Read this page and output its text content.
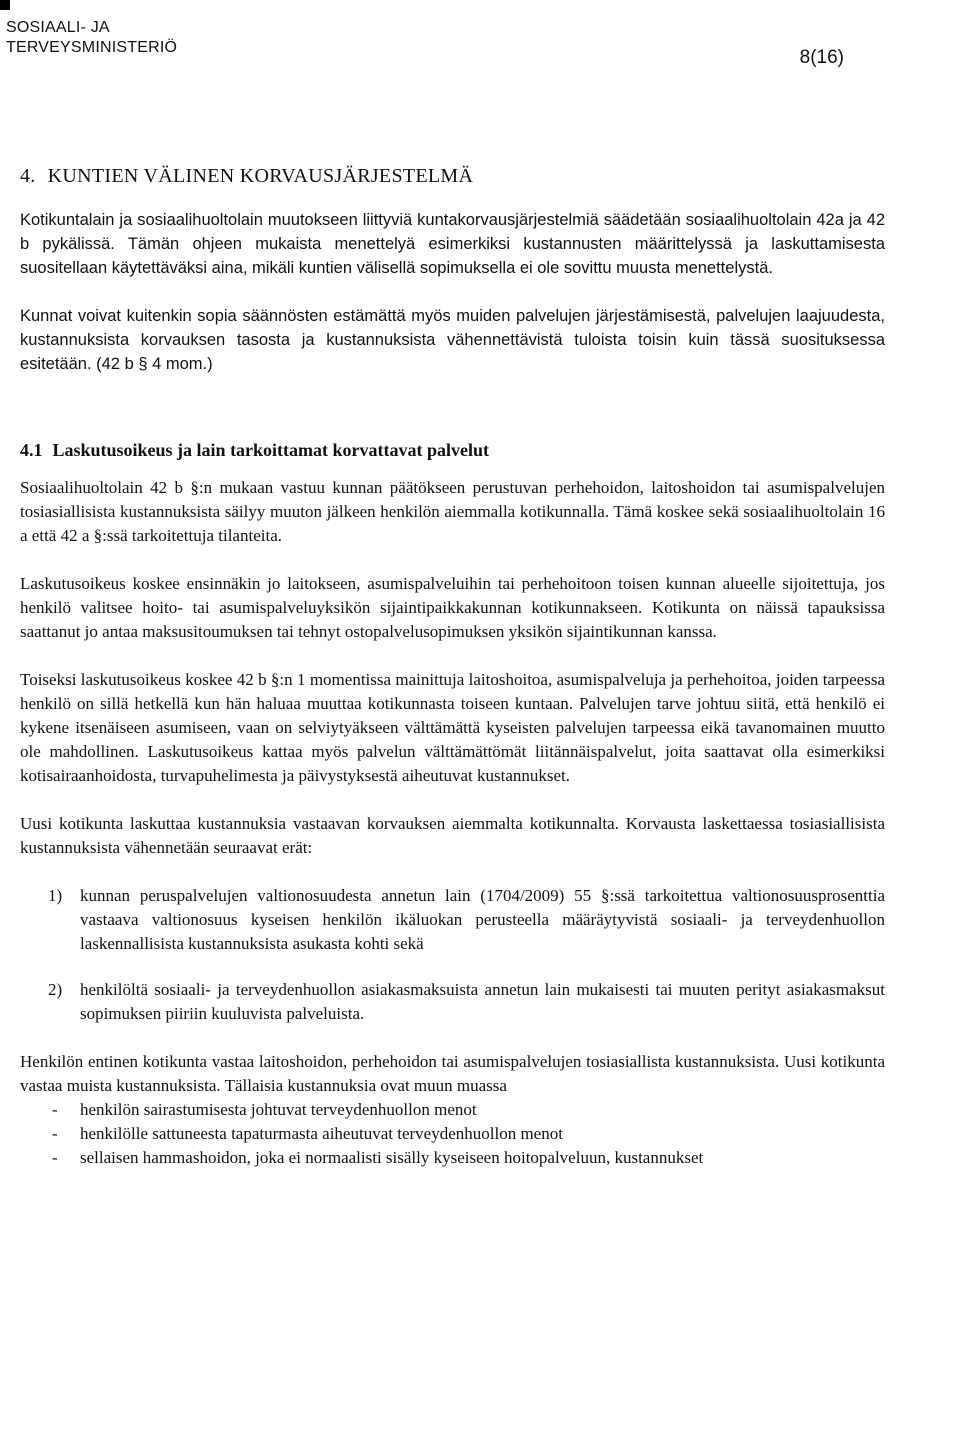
SOSIAALI- JA
TERVEYSMINISTERIÖ	8(16)
4. KUNTIEN VÄLINEN KORVAUSJÄRJESTELMÄ

Kotikuntalain ja sosiaalihuoltolain muutokseen liittyviä kuntakorvausjärjestelmiä säädetään sosiaalihuoltolain 42a ja 42 b pykälissä. Tämän ohjeen mukaista menettelyä esimerkiksi kustannusten määrittelyssä ja laskuttamisesta suositellaan käytettäväksi aina, mikäli kuntien välisellä sopimuksella ei ole sovittu muusta menettelystä.

Kunnat voivat kuitenkin sopia säännösten estämättä myös muiden palvelujen järjestämisestä, palvelujen laajuudesta, kustannuksista korvauksen tasosta ja kustannuksista vähennettävistä tuloista toisin kuin tässä suosituksessa esitetään. (42 b § 4 mom.)

4.1 Laskutusoikeus ja lain tarkoittamat korvattavat palvelut

Sosiaalihuoltolain 42 b §:n mukaan vastuu kunnan päätökseen perustuvan perhehoidon, laitoshoidon tai asumispalvelujen tosiasiallisista kustannuksista säilyy muuton jälkeen henkilön aiemmalla kotikunnalla. Tämä koskee sekä sosiaalihuoltolain 16 a että 42 a §:ssä tarkoitettuja tilanteita.

Laskutusoikeus koskee ensinnäkin jo laitokseen, asumispalveluihin tai perhehoitoon toisen kunnan alueelle sijoitettuja, jos henkilö valitsee hoito- tai asumispalveluyksikön sijaintipaikkakunnan kotikunnakseen. Kotikunta on näissä tapauksissa saattanut jo antaa maksusitoumuksen tai tehnyt ostopalvelusopimuksen yksikön sijaintikunnan kanssa.

Toiseksi laskutusoikeus koskee 42 b §:n 1 momentissa mainittuja laitoshoitoa, asumispalveluja ja perhehoitoa, joiden tarpeessa henkilö on sillä hetkellä kun hän haluaa muuttaa kotikunnasta toiseen kuntaan. Palvelujen tarve johtuu siitä, että henkilö ei kykene itsenäiseen asumiseen, vaan on selviytyäkseen välttämättä kyseisten palvelujen tarpeessa eikä tavanomainen muutto ole mahdollinen. Laskutusoikeus kattaa myös palvelun välttämättömät liitännäispalvelut, joita saattavat olla esimerkiksi kotisairaanhoidosta, turvapuhelimesta ja päivystyksestä aiheutuvat kustannukset.

Uusi kotikunta laskuttaa kustannuksia vastaavan korvauksen aiemmalta kotikunnalta. Korvausta laskettaessa tosiasiallisista kustannuksista vähennetään seuraavat erät:

1)	kunnan peruspalvelujen valtionosuudesta annetun lain (1704/2009) 55 §:ssä tarkoitettua valtionosuusprosenttia vastaava valtionosuus kyseisen henkilön ikäluokan perusteella määräytyvistä sosiaali- ja terveydenhuollon laskennallisista kustannuksista asukasta kohti sekä
2)	henkilöltä sosiaali- ja terveydenhuollon asiakasmaksuista annetun lain mukaisesti tai muuten perityt asiakasmaksut sopimuksen piiriin kuuluvista palveluista.

Henkilön entinen kotikunta vastaa laitoshoidon, perhehoidon tai asumispalvelujen tosiasiallista kustannuksista. Uusi kotikunta vastaa muista kustannuksista. Tällaisia kustannuksia ovat muun muassa

-	henkilön sairastumisesta johtuvat terveydenhuollon menot
-	henkilölle sattuneesta tapaturmasta aiheutuvat terveydenhuollon menot
-	sellaisen hammashoidon, joka ei normaalisti sisälly kyseiseen hoitopalveluun, kustannukset
